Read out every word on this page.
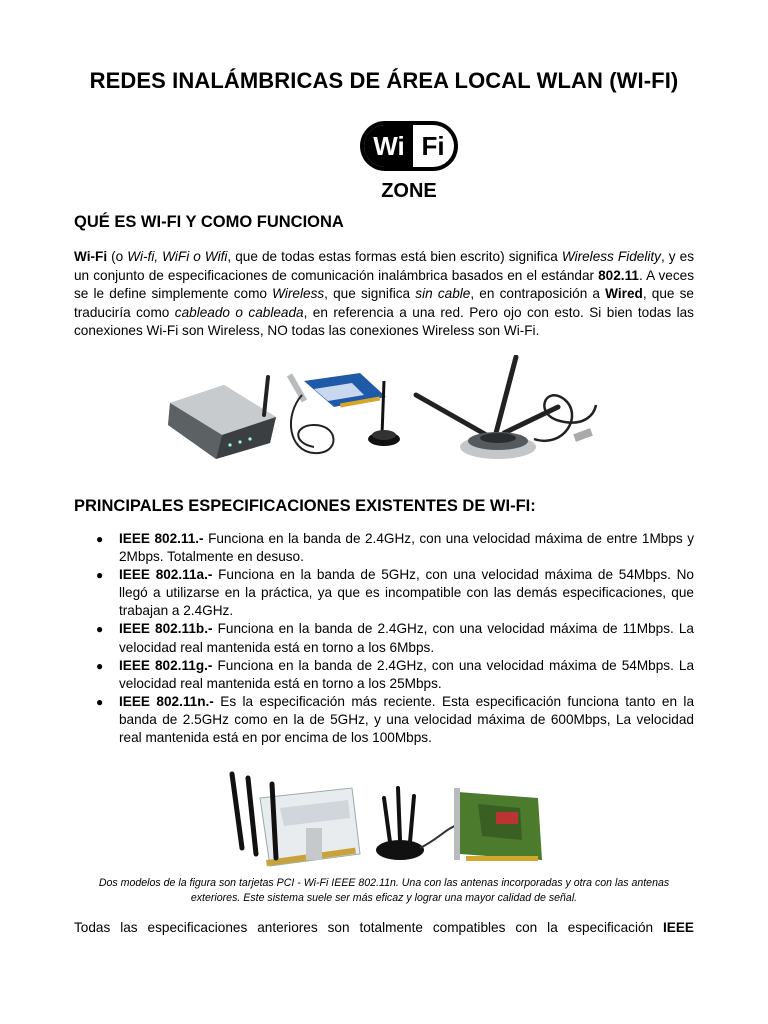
REDES INALÁMBRICAS DE ÁREA LOCAL WLAN (WI-FI)
Wi Fi
ZONE
QUÉ ES WI-FI Y COMO FUNCIONA

Wi-Fi (o Wi-fi, WiFi o Wifi, que de todas estas formas está bien escrito) significa Wireless Fidelity, y es un conjunto de especificaciones de comunicación inalámbrica basados en el estándar 802.11. A veces se le define simplemente como Wireless, que significa sin cable, en contraposición a Wired, que se traduciría como cableado o cableada, en referencia a una red. Pero ojo con esto. Si bien todas las conexiones Wi-Fi son Wireless, NO todas las conexiones Wireless son Wi-Fi.

PRINCIPALES ESPECIFICACIONES EXISTENTES DE WI-FI:
● IEEE 802.11.- Funciona en la banda de 2.4GHz, con una velocidad máxima de entre 1Mbps y 2Mbps. Totalmente en desuso.
● IEEE 802.11a.- Funciona en la banda de 5GHz, con una velocidad máxima de 54Mbps. No llegó a utilizarse en la práctica, ya que es incompatible con las demás especificaciones, que trabajan a 2.4GHz.
● IEEE 802.11b.- Funciona en la banda de 2.4GHz, con una velocidad máxima de 11Mbps. La velocidad real mantenida está en torno a los 6Mbps.
● IEEE 802.11g.- Funciona en la banda de 2.4GHz, con una velocidad máxima de 54Mbps. La velocidad real mantenida está en torno a los 25Mbps.
● IEEE 802.11n.- Es la especificación más reciente. Esta especificación funciona tanto en la banda de 2.5GHz como en la de 5GHz, y una velocidad máxima de 600Mbps, La velocidad real mantenida está en por encima de los 100Mbps.

Dos modelos de la figura son tarjetas PCI - Wi-Fi IEEE 802.11n. Una con las antenas incorporadas y otra con las antenas exteriores. Este sistema suele ser más eficaz y lograr una mayor calidad de señal.

Todas las especificaciones anteriores son totalmente compatibles con la especificación IEEE
